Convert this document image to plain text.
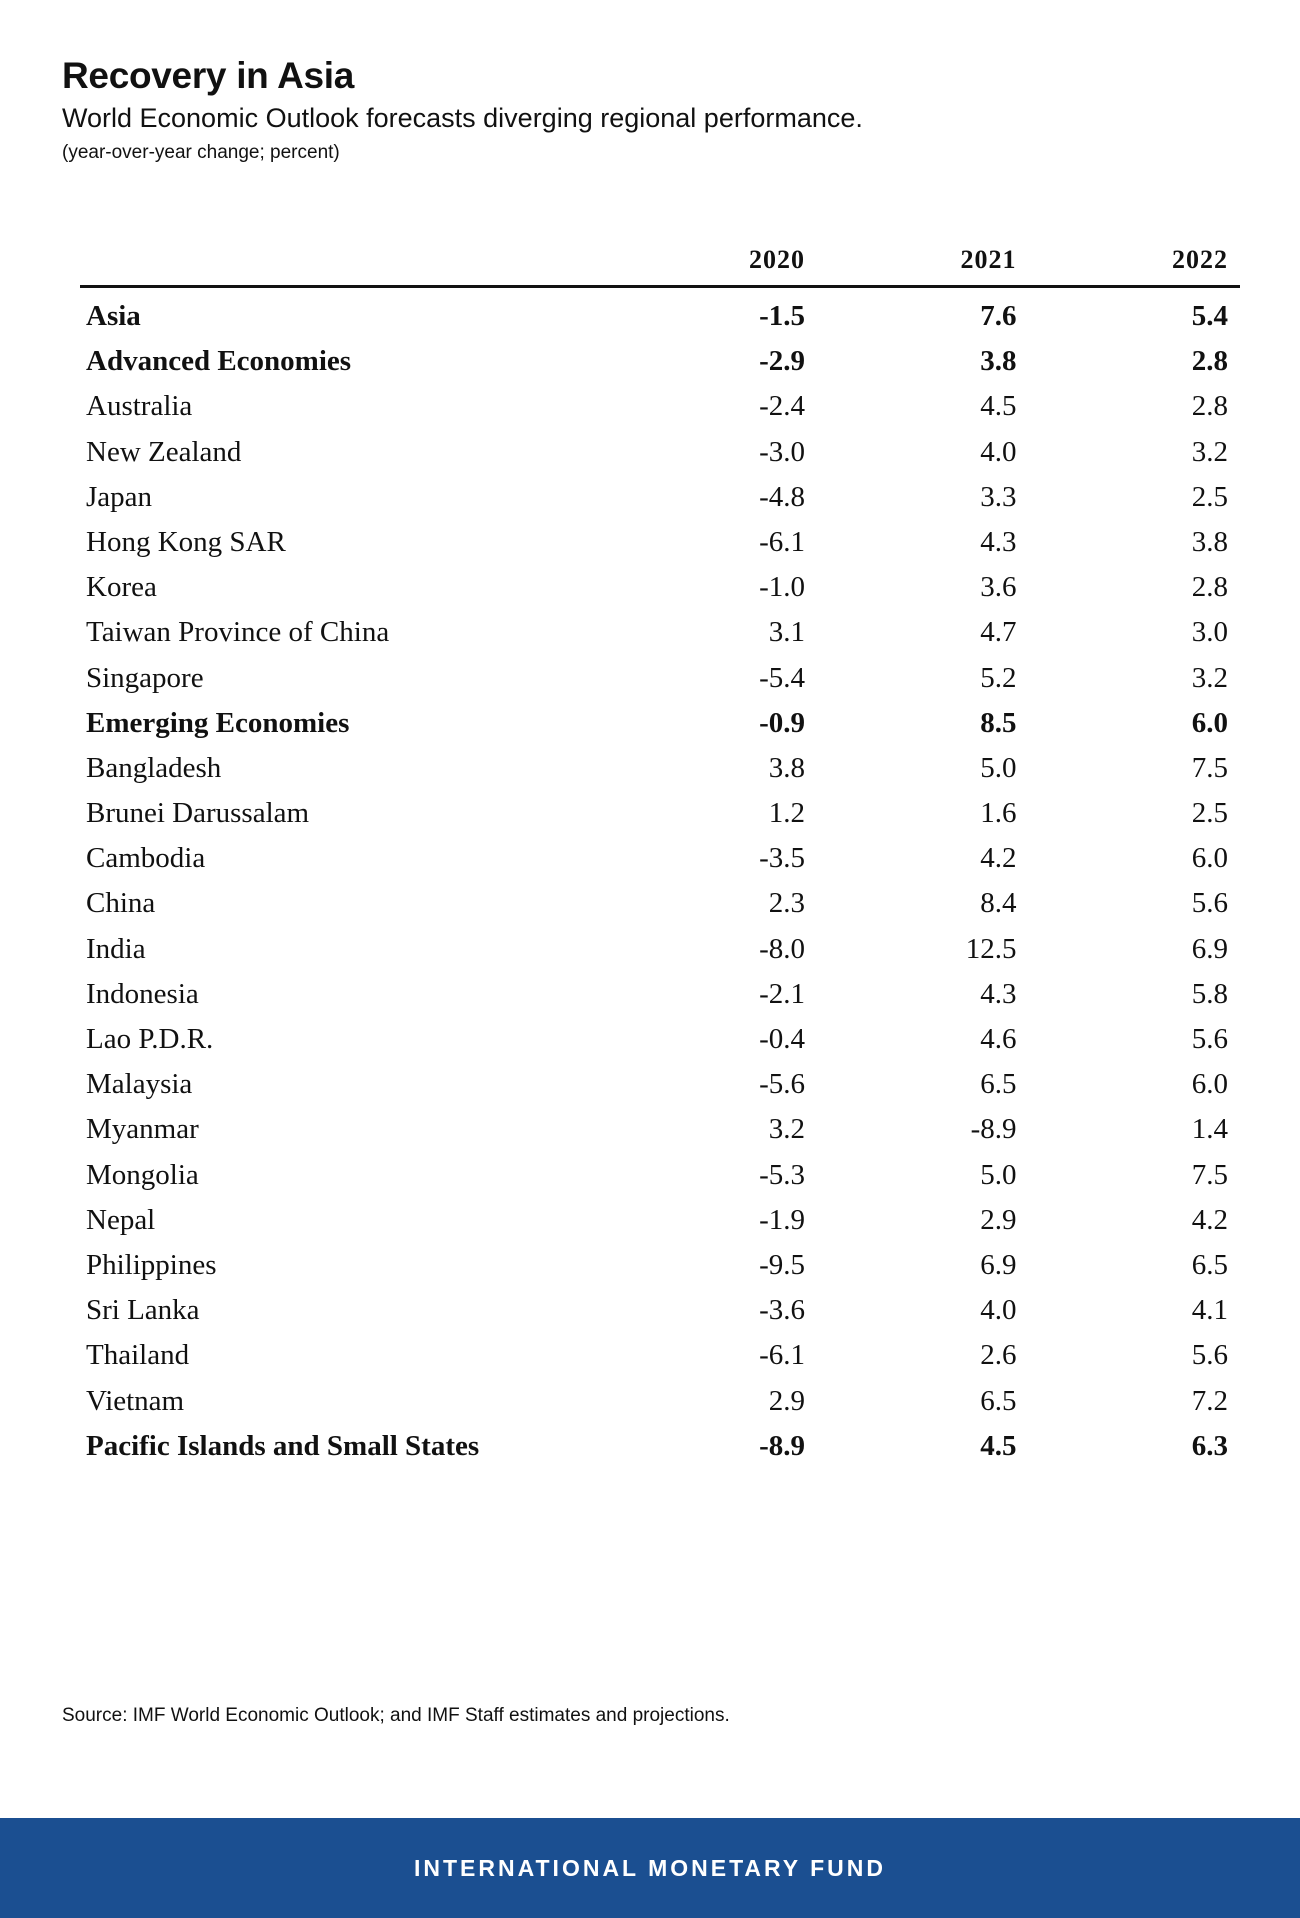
Recovery in Asia
World Economic Outlook forecasts diverging regional performance.
(year-over-year change; percent)
	2020	2021	2022
Asia	-1.5	7.6	5.4
Advanced Economies	-2.9	3.8	2.8
Australia	-2.4	4.5	2.8
New Zealand	-3.0	4.0	3.2
Japan	-4.8	3.3	2.5
Hong Kong SAR	-6.1	4.3	3.8
Korea	-1.0	3.6	2.8
Taiwan Province of China	3.1	4.7	3.0
Singapore	-5.4	5.2	3.2
Emerging Economies	-0.9	8.5	6.0
Bangladesh	3.8	5.0	7.5
Brunei Darussalam	1.2	1.6	2.5
Cambodia	-3.5	4.2	6.0
China	2.3	8.4	5.6
India	-8.0	12.5	6.9
Indonesia	-2.1	4.3	5.8
Lao P.D.R.	-0.4	4.6	5.6
Malaysia	-5.6	6.5	6.0
Myanmar	3.2	-8.9	1.4
Mongolia	-5.3	5.0	7.5
Nepal	-1.9	2.9	4.2
Philippines	-9.5	6.9	6.5
Sri Lanka	-3.6	4.0	4.1
Thailand	-6.1	2.6	5.6
Vietnam	2.9	6.5	7.2
Pacific Islands and Small States	-8.9	4.5	6.3
Source: IMF World Economic Outlook; and IMF Staff estimates and projections.
INTERNATIONAL MONETARY FUND
